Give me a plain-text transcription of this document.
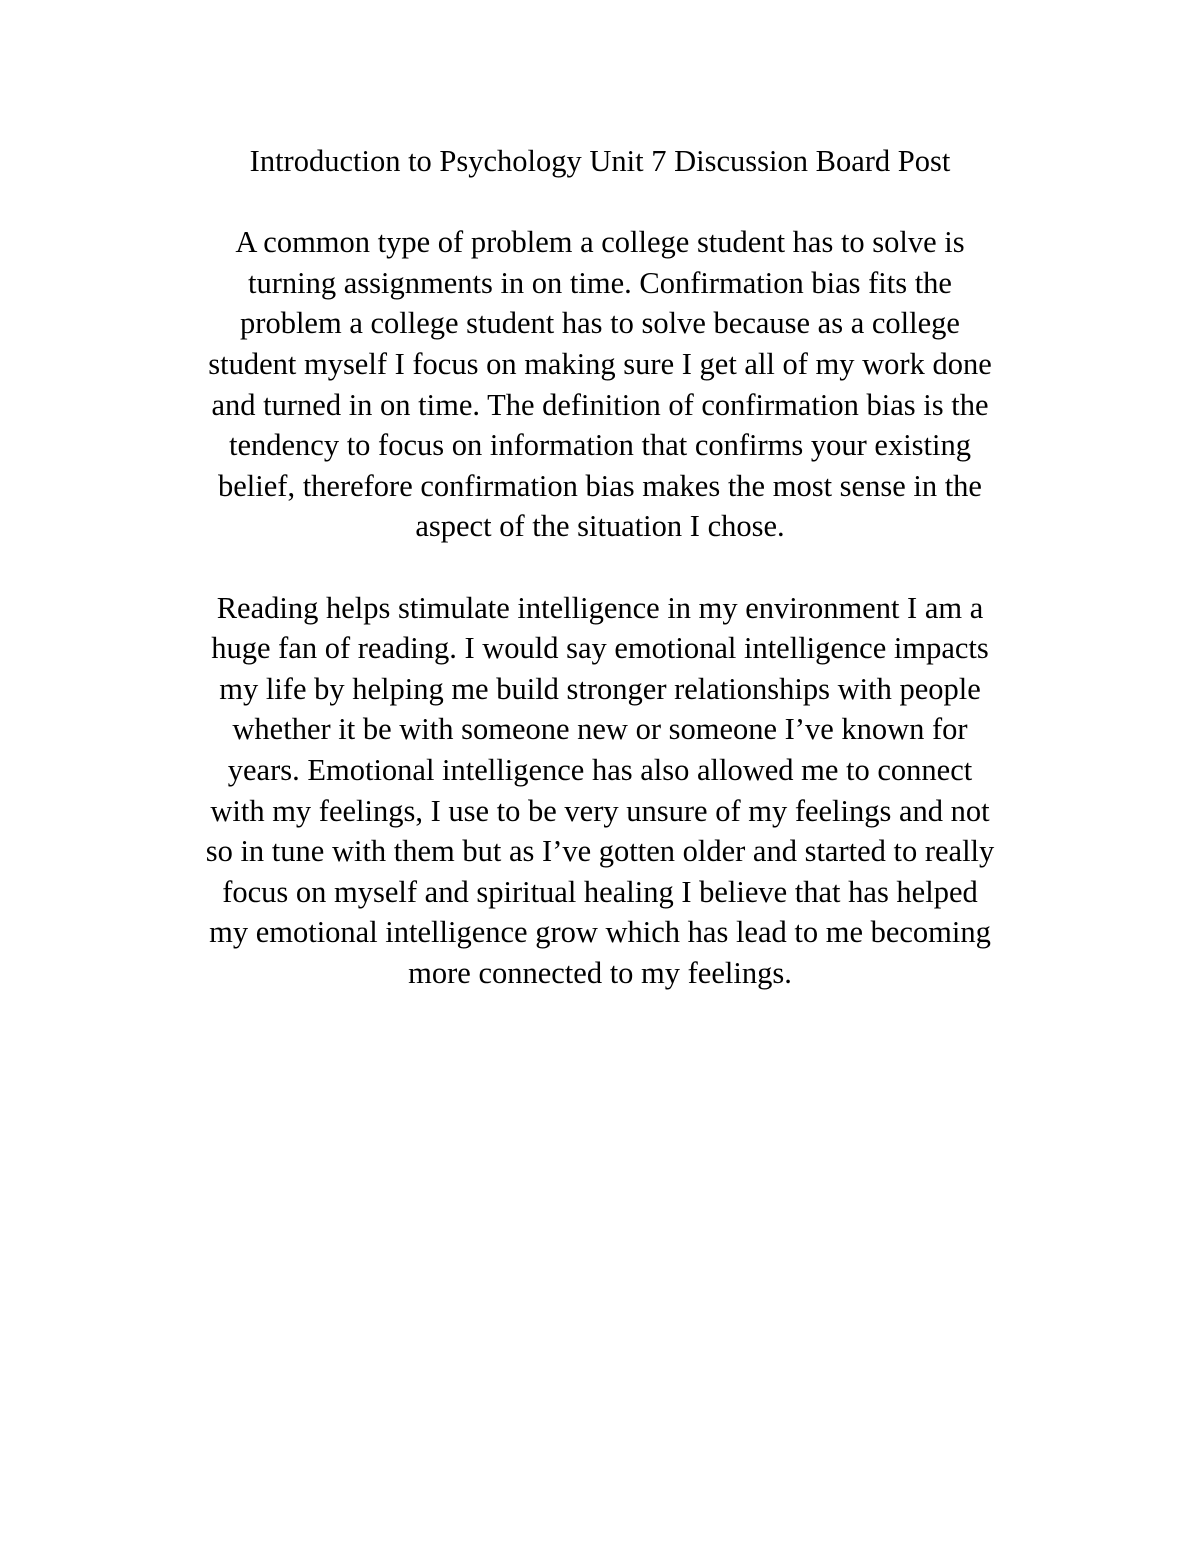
Introduction to Psychology Unit 7 Discussion Board Post

A common type of problem a college student has to solve is
turning assignments in on time. Confirmation bias fits the
problem a college student has to solve because as a college
student myself I focus on making sure I get all of my work done
and turned in on time. The definition of confirmation bias is the
tendency to focus on information that confirms your existing
belief, therefore confirmation bias makes the most sense in the
aspect of the situation I chose.

Reading helps stimulate intelligence in my environment I am a
huge fan of reading. I would say emotional intelligence impacts
my life by helping me build stronger relationships with people
whether it be with someone new or someone I’ve known for
years. Emotional intelligence has also allowed me to connect
with my feelings, I use to be very unsure of my feelings and not
so in tune with them but as I’ve gotten older and started to really
focus on myself and spiritual healing I believe that has helped
my emotional intelligence grow which has lead to me becoming
more connected to my feelings.
